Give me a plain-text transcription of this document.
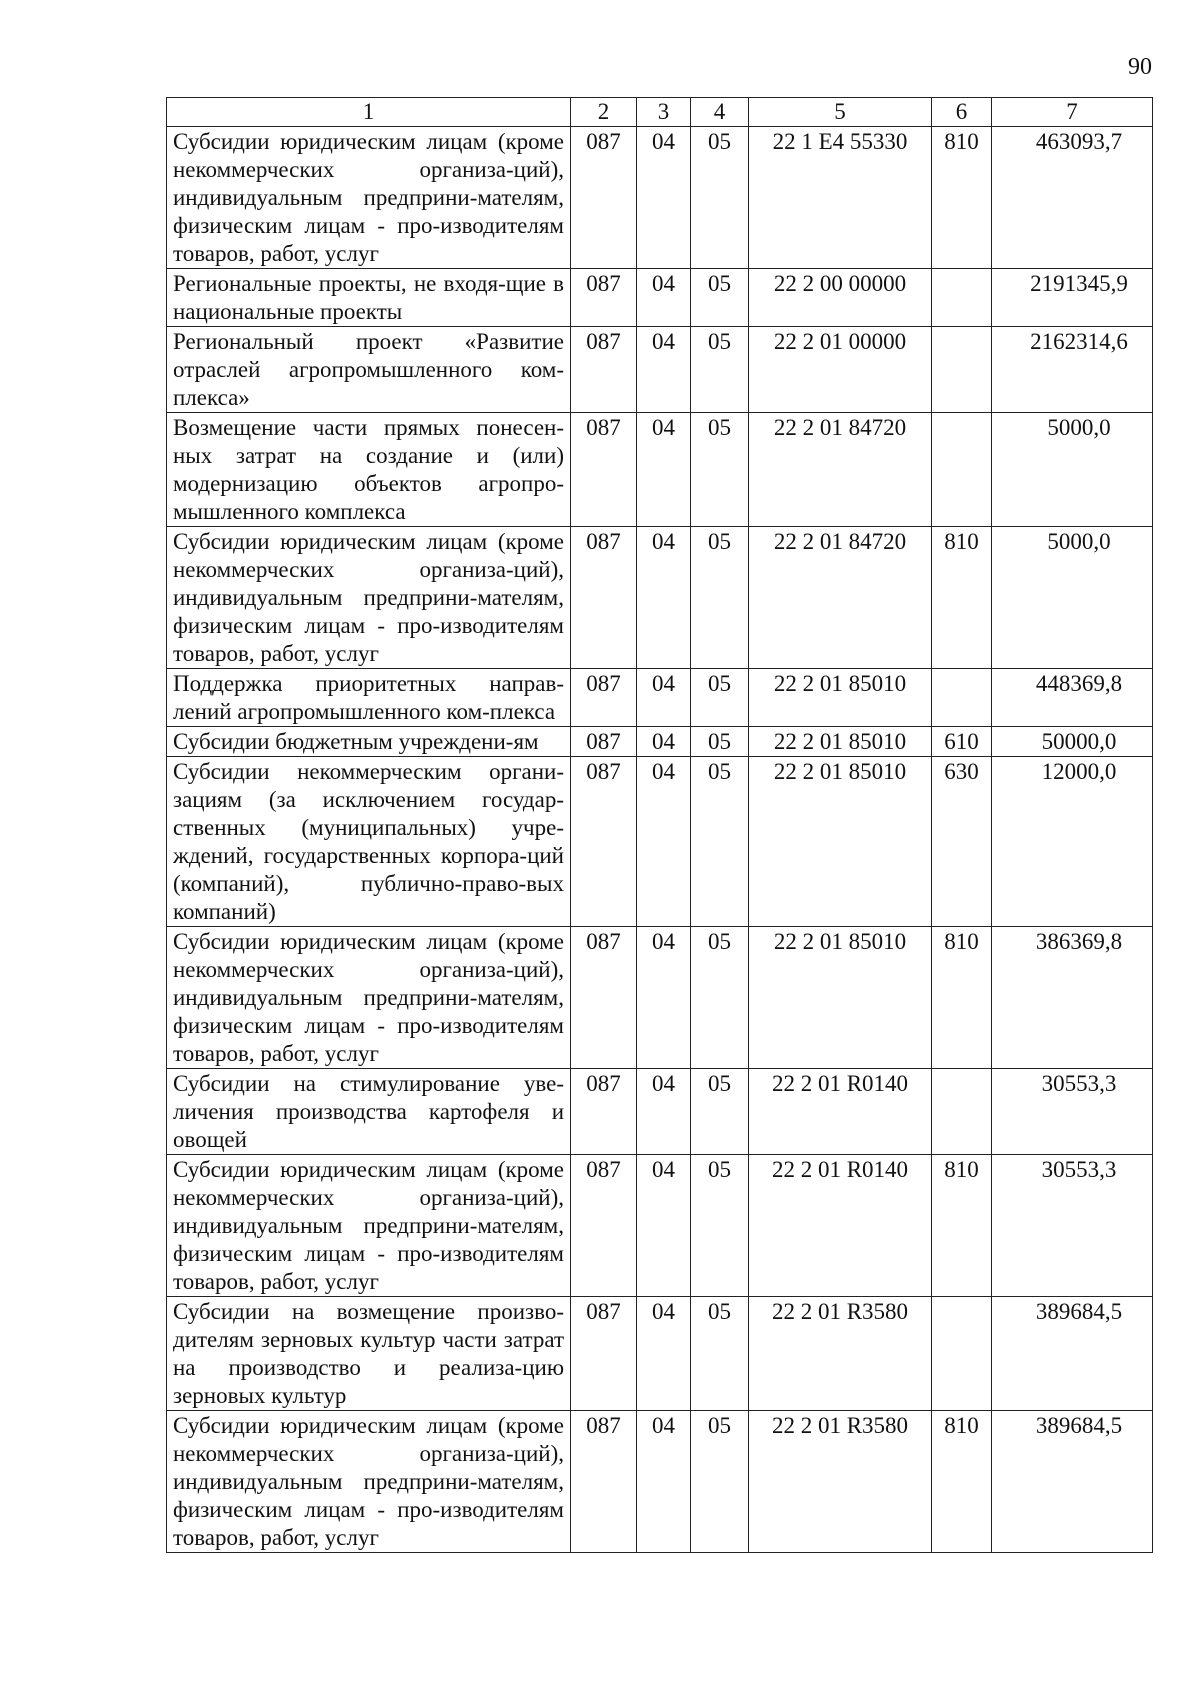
90
1	2	3	4	5	6	7
Субсидии юридическим лицам (кроме некоммерческих организа-ций), индивидуальным предприни-мателям, физическим лицам - про-изводителям товаров, работ, услуг	087	04	05	22 1 Е4 55330	810	463093,7
Региональные проекты, не входя-щие в национальные проекты	087	04	05	22 2 00 00000		2191345,9
Региональный проект «Развитие отраслей агропромышленного ком-плекса»	087	04	05	22 2 01 00000		2162314,6
Возмещение части прямых понесен-ных затрат на создание и (или) модернизацию объектов агропро-мышленного комплекса	087	04	05	22 2 01 84720		5000,0
Субсидии юридическим лицам (кроме некоммерческих организа-ций), индивидуальным предприни-мателям, физическим лицам - про-изводителям товаров, работ, услуг	087	04	05	22 2 01 84720	810	5000,0
Поддержка приоритетных направ-лений агропромышленного ком-плекса	087	04	05	22 2 01 85010		448369,8
Субсидии бюджетным учреждени-ям	087	04	05	22 2 01 85010	610	50000,0
Субсидии некоммерческим органи-зациям (за исключением государ-ственных (муниципальных) учре-ждений, государственных корпора-ций (компаний), публично-право-вых компаний)	087	04	05	22 2 01 85010	630	12000,0
Субсидии юридическим лицам (кроме некоммерческих организа-ций), индивидуальным предприни-мателям, физическим лицам - про-изводителям товаров, работ, услуг	087	04	05	22 2 01 85010	810	386369,8
Субсидии на стимулирование уве-личения производства картофеля и овощей	087	04	05	22 2 01 R0140		30553,3
Субсидии юридическим лицам (кроме некоммерческих организа-ций), индивидуальным предприни-мателям, физическим лицам - про-изводителям товаров, работ, услуг	087	04	05	22 2 01 R0140	810	30553,3
Субсидии на возмещение произво-дителям зерновых культур части затрат на производство и реализа-цию зерновых культур	087	04	05	22 2 01 R3580		389684,5
Субсидии юридическим лицам (кроме некоммерческих организа-ций), индивидуальным предприни-мателям, физическим лицам - про-изводителям товаров, работ, услуг	087	04	05	22 2 01 R3580	810	389684,5
